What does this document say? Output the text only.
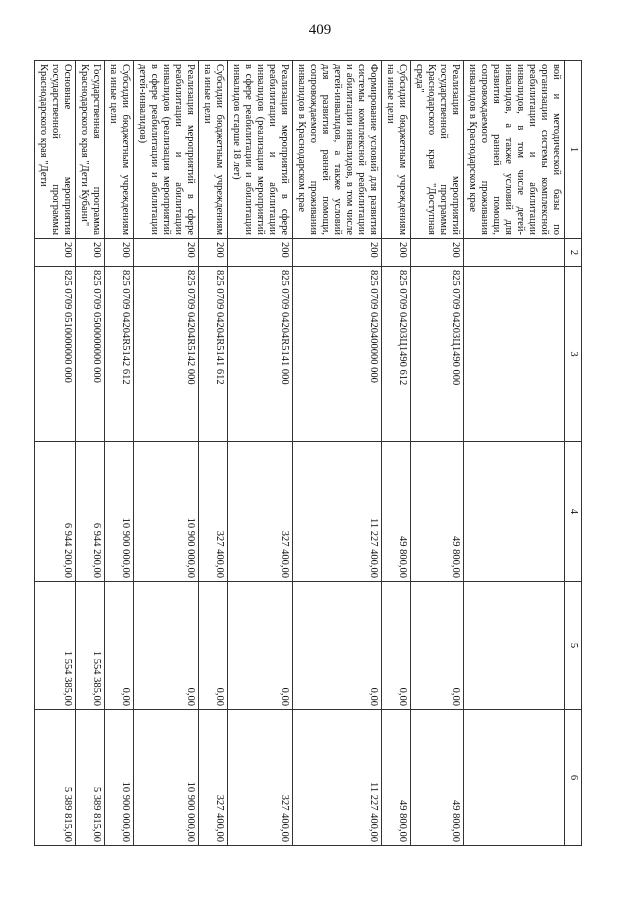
409
1	2	3	4	5	6
вой и методической базы по организации системы комплексной реабилитации и абилитации инвалидов, в том числе детей-инвалидов, а также условий для развития ранней помощи, сопровождаемого проживания инвалидов в Краснодарском крае					
Реализация мероприятий государственной программы Краснодарского края "Доступная среда"	200	825 0709 04203Ц1490 000	49 800,00	0,00	49 800,00
Субсидии бюджетным учреждениям на иные цели	200	825 0709 04203Ц1490 612	49 800,00	0,00	49 800,00
Формирование условий для развития системы комплексной реабилитации и абилитации инвалидов, в том числе детей-инвалидов, а также условий для развития ранней помощи, сопровождаемого проживания инвалидов в Краснодарском крае	200	825 0709 0420400000 000	11 227 400,00	0,00	11 227 400,00
Реализация мероприятий в сфере реабилитации и абилитации инвалидов (реализация мероприятий в сфере реабилитации и абилитации инвалидов старше 18 лет)	200	825 0709 04204R5141 000	327 400,00	0,00	327 400,00
Субсидии бюджетным учреждениям на иные цели	200	825 0709 04204R5141 612	327 400,00	0,00	327 400,00
Реализация мероприятий в сфере реабилитации и абилитации инвалидов (реализация мероприятий в сфере реабилитации и абилитации детей-инвалидов)	200	825 0709 04204R5142 000	10 900 000,00	0,00	10 900 000,00
Субсидии бюджетным учреждениям на иные цели	200	825 0709 04204R5142 612	10 900 000,00	0,00	10 900 000,00
Государственная программа Краснодарского края "Дети Кубани"	200	825 0709 0500000000 000	6 944 200,00	1 554 385,00	5 389 815,00
Основные мероприятия государственной программы Краснодарского края "Дети	200	825 0709 0510000000 000	6 944 200,00	1 554 385,00	5 389 815,00
